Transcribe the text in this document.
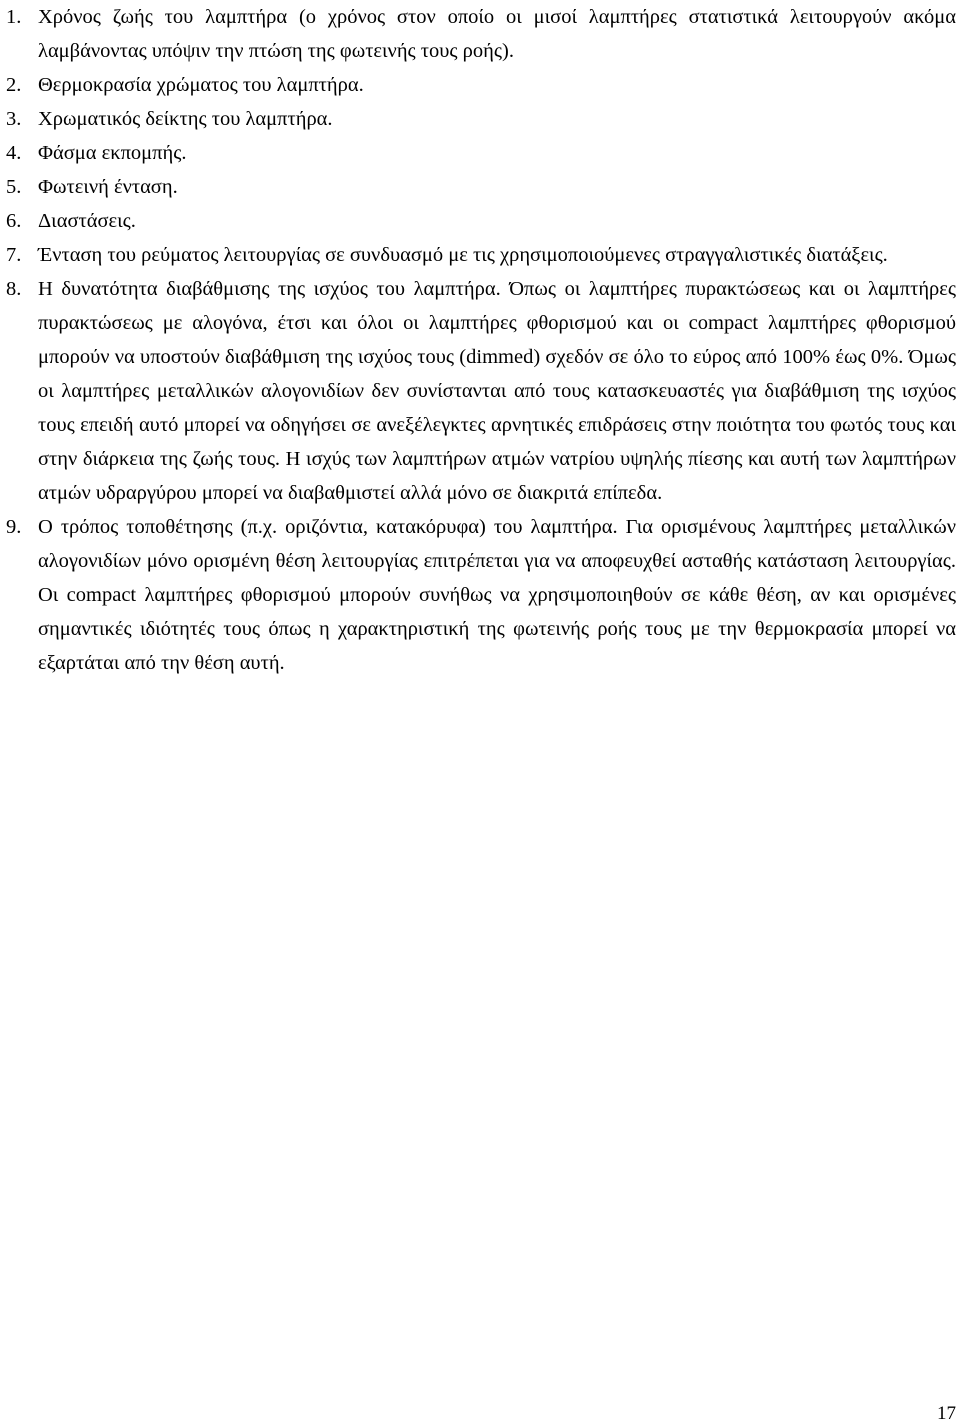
1. Χρόνος ζωής του λαμπτήρα (ο χρόνος στον οποίο οι μισοί λαμπτήρες στατιστικά λειτουργούν ακόμα λαμβάνοντας υπόψιν την πτώση της φωτεινής τους ροής).
2. Θερμοκρασία χρώματος του λαμπτήρα.
3. Χρωματικός δείκτης του λαμπτήρα.
4. Φάσμα εκπομπής.
5. Φωτεινή ένταση.
6. Διαστάσεις.
7. Ένταση του ρεύματος λειτουργίας σε συνδυασμό με τις χρησιμοποιούμενες στραγγαλιστικές διατάξεις.
8. Η δυνατότητα διαβάθμισης της ισχύος του λαμπτήρα. Όπως οι λαμπτήρες πυρακτώσεως και οι λαμπτήρες πυρακτώσεως με αλογόνα, έτσι και όλοι οι λαμπτήρες φθορισμού και οι compact λαμπτήρες φθορισμού μπορούν να υποστούν διαβάθμιση της ισχύος τους (dimmed) σχεδόν σε όλο το εύρος από 100% έως 0%. Όμως οι λαμπτήρες μεταλλικών αλογονιδίων δεν συνίστανται από τους κατασκευαστές για διαβάθμιση της ισχύος τους επειδή αυτό μπορεί να οδηγήσει σε ανεξέλεγκτες αρνητικές επιδράσεις στην ποιότητα του φωτός τους και στην διάρκεια της ζωής τους. Η ισχύς των λαμπτήρων ατμών νατρίου υψηλής πίεσης και αυτή των λαμπτήρων ατμών υδραργύρου μπορεί να διαβαθμιστεί αλλά μόνο σε διακριτά επίπεδα.
9. Ο τρόπος τοποθέτησης (π.χ. οριζόντια, κατακόρυφα) του λαμπτήρα. Για ορισμένους λαμπτήρες μεταλλικών αλογονιδίων μόνο ορισμένη θέση λειτουργίας επιτρέπεται για να αποφευχθεί ασταθής κατάσταση λειτουργίας. Οι compact λαμπτήρες φθορισμού μπορούν συνήθως να χρησιμοποιηθούν σε κάθε θέση, αν και ορισμένες σημαντικές ιδιότητές τους όπως η χαρακτηριστική της φωτεινής ροής τους με την θερμοκρασία μπορεί να εξαρτάται από την θέση αυτή.
17
